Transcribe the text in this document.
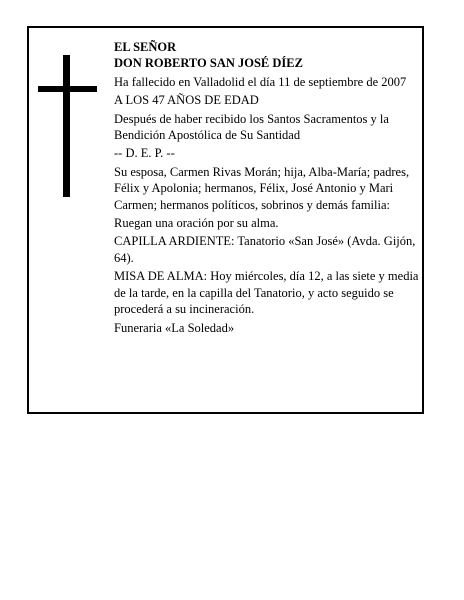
EL SEÑOR

DON ROBERTO SAN JOSÉ DÍEZ

Ha fallecido en Valladolid el día 11 de septiembre de 2007

A LOS 47 AÑOS DE EDAD

Después de haber recibido los Santos Sacramentos y la Bendición Apostólica de Su Santidad

-- D. E. P. --

Su esposa, Carmen Rivas Morán; hija, Alba-María; padres, Félix y Apolonia; hermanos, Félix, José Antonio y Mari Carmen; hermanos políticos, sobrinos y demás familia:

Ruegan una oración por su alma.

CAPILLA ARDIENTE: Tanatorio «San José» (Avda. Gijón, 64).

MISA DE ALMA: Hoy miércoles, día 12, a las siete y media de la tarde, en la capilla del Tanatorio, y acto seguido se procederá a su incineración.

Funeraria «La Soledad»
